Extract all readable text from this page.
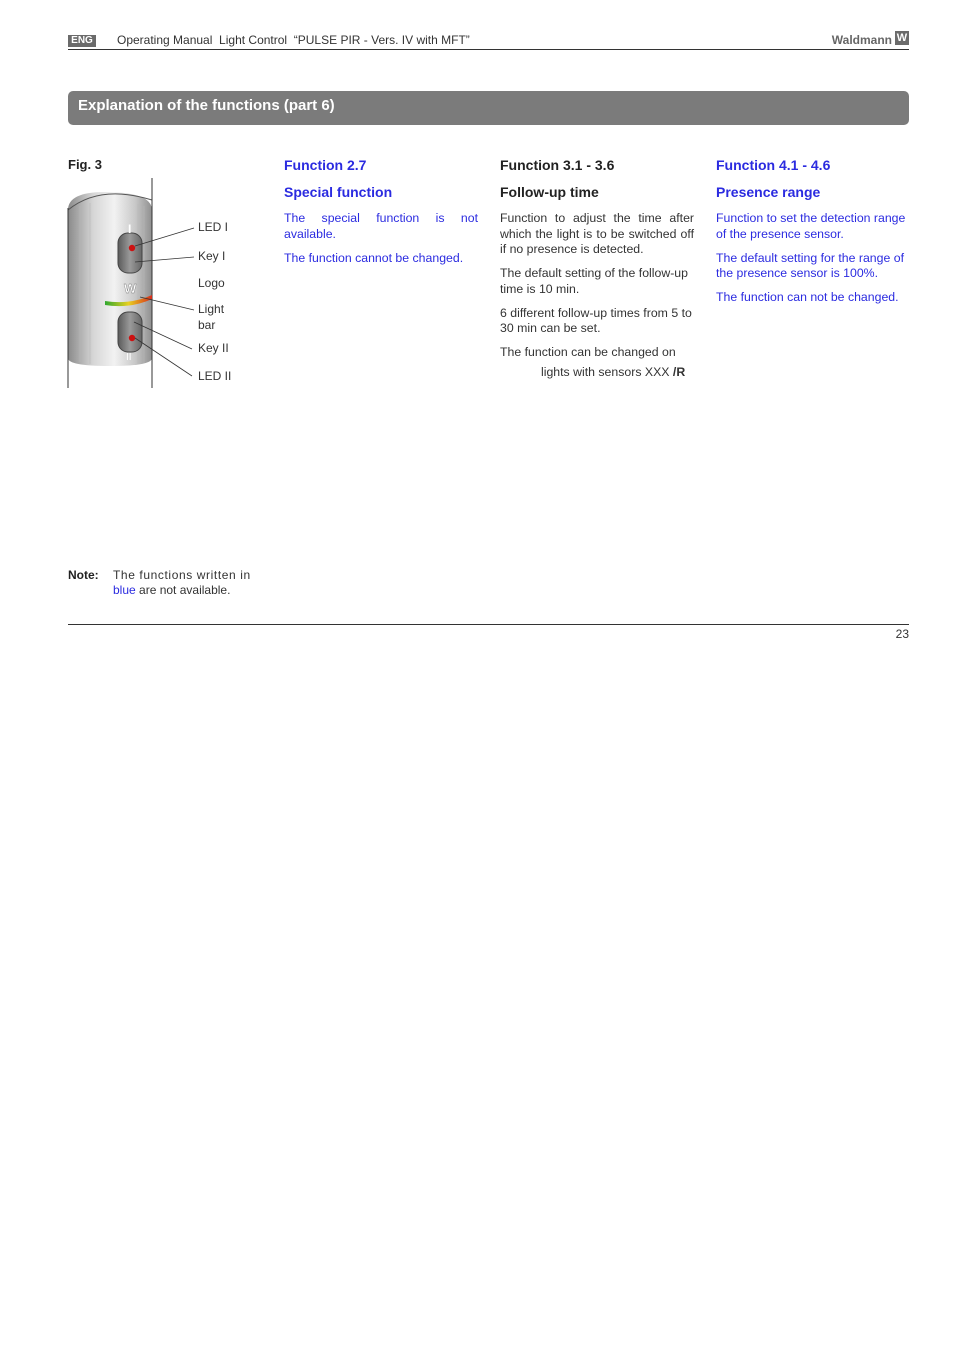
ENG Operating Manual  Light Control  “PULSE PIR - Vers. IV with MFT”	Waldmann W
Explanation of the functions (part 6)
Fig. 3
I
W
II
LED I
Key I
Logo
Light
bar
Key II
LED II
Function 2.7
Special function

The special function is not available.

The function cannot be changed.

Function 3.1 - 3.6
Follow-up time

Function to adjust the time after which the light is to be switched off if no presence is detected.

The default setting of the follow-up time is 10 min.

6 different follow-up times from 5 to 30 min can be set.

The function can be changed on

lights with sensors XXX /R

Function 4.1 - 4.6
Presence range

Function to set the detection range of the presence sensor.

The default setting for the range of the presence sensor is 100%.

The function can not be changed.

Note: The functions written in
blue are not available.
23
